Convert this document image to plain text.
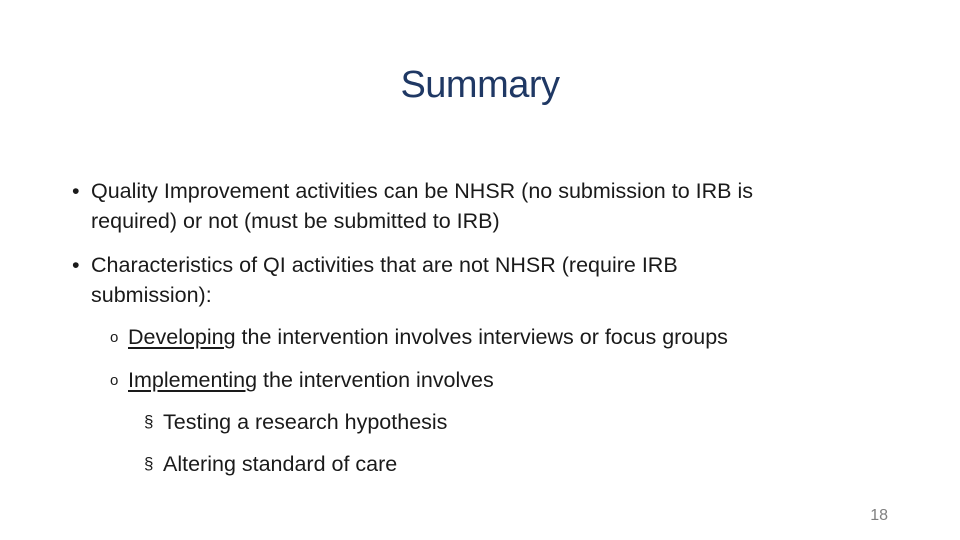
Summary
• Quality Improvement activities can be NHSR (no submission to IRB is
required) or not (must be submitted to IRB)
• Characteristics of QI activities that are not NHSR (require IRB
submission):
o Developing the intervention involves interviews or focus groups
o Implementing the intervention involves
§ Testing a research hypothesis
§ Altering standard of care
18
